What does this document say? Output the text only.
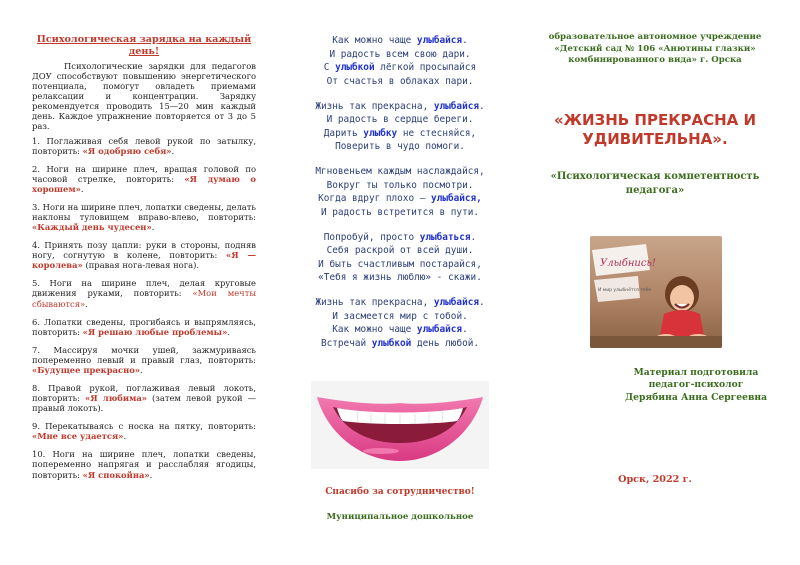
Психологическая зарядка на каждый день!

Психологические зарядки для педагогов ДОУ способствуют повышению энергетического потенциала, помогут овладеть приемами релаксации и концентрации. Зарядку рекомендуется проводить 15—20 мин каждый день. Каждое упражнение повторяется от 3 до 5 раз.

1. Поглаживая себя левой рукой по затылку, повторить: «Я одобряю себя».

2. Ноги на ширине плеч, вращая головой по часовой стрелке, повторить: «Я думаю о хорошем».

3. Ноги на ширине плеч, лопатки сведены, делать наклоны туловищем вправо-влево, повторить: «Каждый день чудесен».

4. Принять позу цапли: руки в стороны, подняв ногу, согнутую в колене, повторить: «Я — королева» (правая нога-левая нога).

5. Ноги на ширине плеч, делая круговые движения руками, повторить: «Мои мечты сбываются».

6. Лопатки сведены, прогибаясь и выпрямляясь, повторить: «Я решаю любые проблемы».

7. Массируя мочки ушей, зажмуриваясь попеременно левый и правый глаз, повторить: «Будущее прекрасно».

8. Правой рукой, поглаживая левый локоть, повторить: «Я любима» (затем левой рукой — правый локоть).

9. Перекатываясь с носка на пятку, повторить: «Мне все удается».

10. Ноги на ширине плеч, лопатки сведены, попеременно напрягая и расслабляя ягодицы, повторить: «Я спокойна».

Как можно чаще улыбайся.
И радость всем свою дари.
С улыбкой лёгкой просыпайся
От счастья в облаках пари.
Жизнь так прекрасна, улыбайся.
И радость в сердце береги.
Дарить улыбку не стесняйся,
Поверить в чудо помоги.
Мгновеньем каждым наслаждайся,
Вокруг ты только посмотри.
Когда вдруг плохо – улыбайся,
И радость встретится в пути.
Попробуй, просто улыбаться.
Себя раскрой от всей души.
И быть счастливым постарайся,
«Тебя я жизнь люблю» - скажи.
Жизнь так прекрасна, улыбайся.
И засмеется мир с тобой.
Как можно чаще улыбайся.
Встречай улыбкой день любой.
Спасибо за сотрудничество!
Муниципальное дошкольное
образовательное автономное учреждение «Детский сад № 106 «Анютины глазки» комбинированного вида» г. Орска
«ЖИЗНЬ ПРЕКРАСНА И УДИВИТЕЛЬНА».
«Психологическая компетентность педагога»
Улыбнись!
И мир улыбнётся тебе
Материал подготовила
педагог-психолог
Дерябина Анна Сергеевна
Орск, 2022 г.
